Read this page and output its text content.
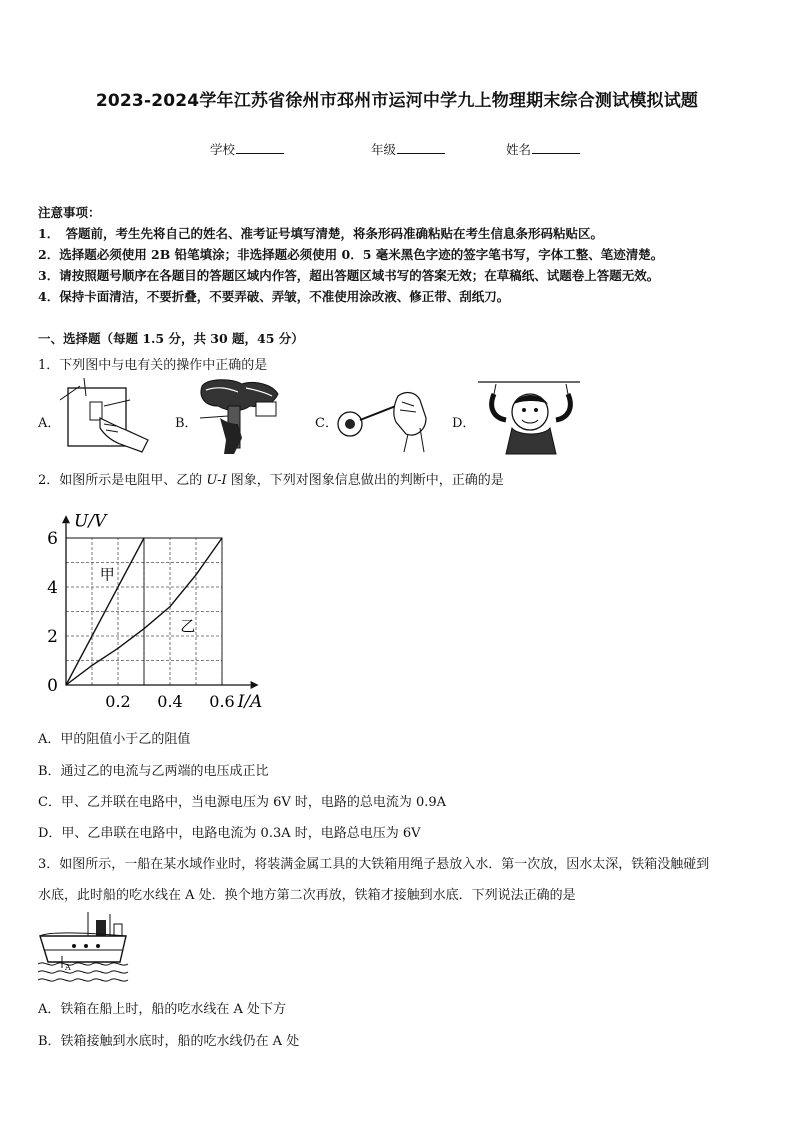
2023-2024学年江苏省徐州市邳州市运河中学九上物理期末综合测试模拟试题
学校	年级	姓名
注意事项：
1．　答题前，考生先将自己的姓名、准考证号填写清楚，将条形码准确粘贴在考生信息条形码粘贴区。
2．选择题必须使用 2B 铅笔填涂；非选择题必须使用 0．5 毫米黑色字迹的签字笔书写，字体工整、笔迹清楚。
3．请按照题号顺序在各题目的答题区域内作答，超出答题区域书写的答案无效；在草稿纸、试题卷上答题无效。
4．保持卡面清洁，不要折叠，不要弄破、弄皱，不准使用涂改液、修正带、刮纸刀。
一、选择题（每题 1.5 分，共 30 题，45 分）
1．下列图中与电有关的操作中正确的是
A．	B．	C．	D．
2．如图所示是电阻甲、乙的 U-I 图象，下列对图象信息做出的判断中，正确的是
甲
乙
0
2
4
6
0.2 0.4 0.6
U/V
I/A
A．甲的阻值小于乙的阻值
B．通过乙的电流与乙两端的电压成正比
C．甲、乙并联在电路中，当电源电压为 6V 时，电路的总电流为 0.9A
D．甲、乙串联在电路中，电路电流为 0.3A 时，电路总电压为 6V
3．如图所示，一船在某水域作业时，将装满金属工具的大铁箱用绳子悬放入水．第一次放，因水太深，铁箱没触碰到
水底，此时船的吃水线在 A 处．换个地方第二次再放，铁箱才接触到水底．下列说法正确的是
A
A．铁箱在船上时，船的吃水线在 A 处下方
B．铁箱接触到水底时，船的吃水线仍在 A 处
